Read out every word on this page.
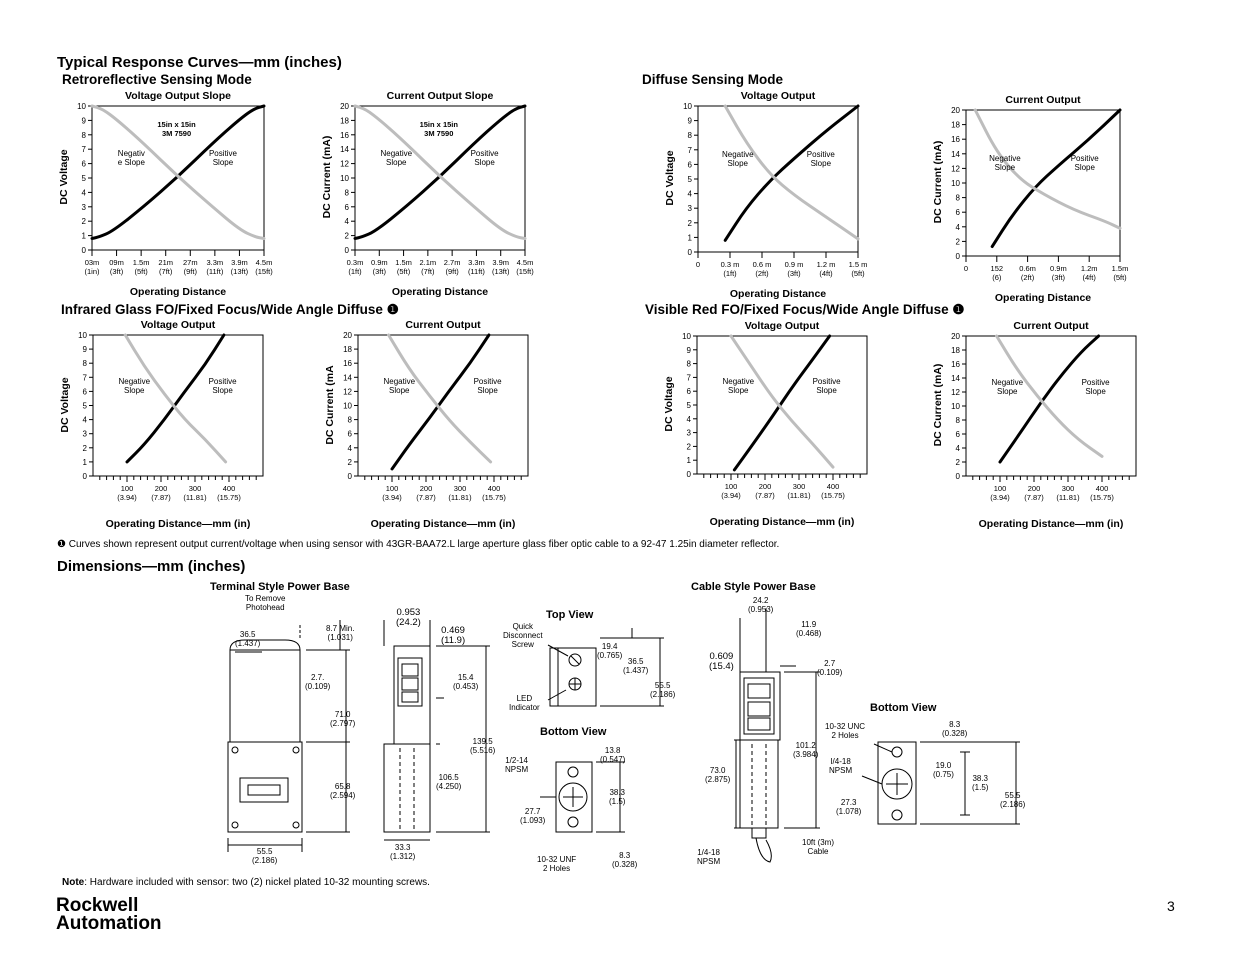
Typical Response Curves—mm (inches)
Retroreflective Sensing Mode	Diffuse Sensing Mode
Infrared Glass FO/Fixed Focus/Wide Angle Diffuse ❶	Visible Red FO/Fixed Focus/Wide Angle Diffuse ❶
0
1
2
3
4
5
6
7
8
9
10
03m
(1in)
09m
(3ft)
1.5m
(5ft)
21m
(7ft)
27m
(9ft)
3.3m
(11ft)
3.9m
(13ft)
4.5m
(15ft)
Voltage Output Slope
Operating Distance
DC Voltage	Negativ
e Slope
Positive
Slope
15in x 15in
3M 7590
0
2
4
6
8
10
12
14
16
18
20
0.3m
(1ft)
0.9m
(3ft)
1.5m
(5ft)
2.1m
(7ft)
2.7m
(9ft)
3.3m
(11ft)
3.9m
(13ft)
4.5m
(15ft)
Current Output Slope
Operating Distance
DC Current (mA)	Negative
Slope
Positive
Slope
15in x 15in
3M 7590
0
1
2
3
4
5
6
7
8
9
10
0	0.3 m
(1ft)
0.6 m
(2ft)
0.9 m
(3ft)
1.2 m
(4ft)
1.5 m
(5ft)
Voltage Output
Operating Distance
DC Voltage	Negative
Slope
Positive
Slope
0
2
4
6
8
10
12
14
16
18
20
0	152
(6)
0.6m
(2ft)
0.9m
(3ft)
1.2m
(4ft)
1.5m
(5ft)
Current Output
Operating Distance
DC Current (mA)	Negative
Slope
Positive
Slope
0
1
2
3
4
5
6
7
8
9
10
100
(3.94)
200
(7.87)
300
(11.81)
400
(15.75)
Voltage Output
Operating Distance—mm (in)
DC Voltage	Negative
Slope
Positive
Slope
0
2
4
6
8
10
12
14
16
18
20
100
(3.94)
200
(7.87)
300
(11.81)
400
(15.75)
Current Output
Operating Distance—mm (in)
DC Current (mA	Negative
Slope
Positive
Slope
0
1
2
3
4
5
6
7
8
9
10
100
(3.94)
200
(7.87)
300
(11.81)
400
(15.75)
Voltage Output
Operating Distance—mm (in)
DC Voltage	Negative
Slope
Positive
Slope
0
2
4
6
8
10
12
14
16
18
20
100
(3.94)
200
(7.87)
300
(11.81)
400
(15.75)
Current Output
Operating Distance—mm (in)
DC Current (mA)	Negative
Slope
Positive
Slope
❶ Curves shown represent output current/voltage when using sensor with 43GR-BAA72.L large aperture glass fiber optic cable to a 92-47 1.25in diameter reflector.
Dimensions—mm (inches)
Terminal Style Power Base	Cable Style Power Base
Top View
Bottom View
Bottom View
To Remove
Photohead
36.5
(1.437)
8.7 Min.
(1.031)
2.7.
(0.109)
71.0
(2.797)
65.8
(2.594)
55.5
(2.186)
0.953
(24.2)
0.469
(11.9)
15.4
(0.453)
139.5
(5.516)
106.5
(4.250)
33.3
(1.312)
Quick
Disconnect
Screw	19.4
(0.765)
36.5
(1.437)
55.5
(2.186)
LED
Indicator
1/2-14
NPSM
13.8
(0.547)
38.3
(1.5)
27.7
(1.093)
10-32 UNF
2 Holes
8.3
(0.328)
24.2
(0.953)
11.9
(0.468)
0.609
(15.4)	2.7
(0.109)
101.2
(3.984)
73.0
(2.875)
1/4-18
NPSM
10ft (3m)
Cable
10-32 UNC
2 Holes
I/4-18
NPSM
8.3
(0.328)
19.0
(0.75) 38.3
(1.5)
55.5
(2.186)
27.3
(1.078)
Note: Hardware included with sensor: two (2) nickel plated 10-32 mounting screws.
Rockwell
Automation
3
